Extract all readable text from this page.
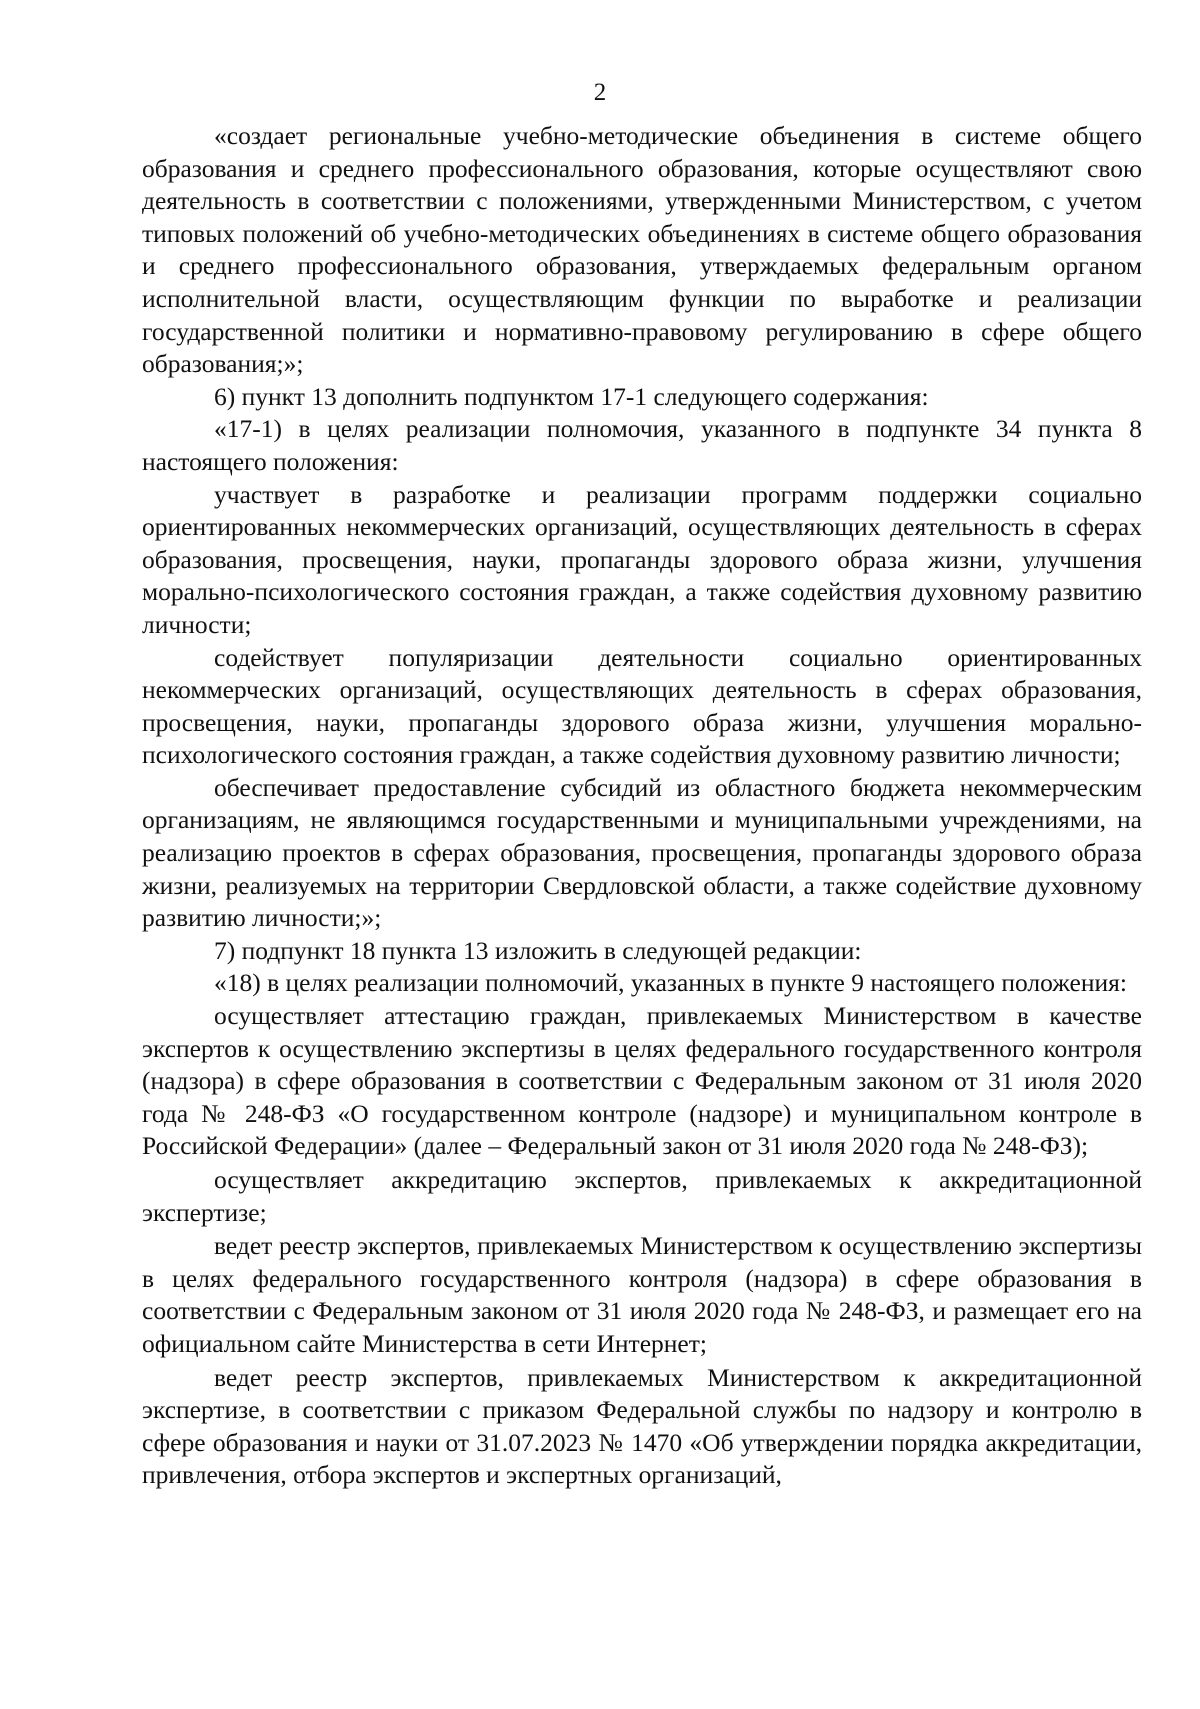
2

«создает региональные учебно-методические объединения в системе общего образования и среднего профессионального образования, которые осуществляют свою деятельность в соответствии с положениями, утвержденными Министерством, с учетом типовых положений об учебно-методических объединениях в системе общего образования и среднего профессионального образования, утверждаемых федеральным органом исполнительной власти, осуществляющим функции по выработке и реализации государственной политики и нормативно-правовому регулированию в сфере общего образования;»;

6) пункт 13 дополнить подпунктом 17-1 следующего содержания:

«17-1) в целях реализации полномочия, указанного в подпункте 34 пункта 8 настоящего положения:

участвует в разработке и реализации программ поддержки социально ориентированных некоммерческих организаций, осуществляющих деятельность в сферах образования, просвещения, науки, пропаганды здорового образа жизни, улучшения морально-психологического состояния граждан, а также содействия духовному развитию личности;

содействует популяризации деятельности социально ориентированных некоммерческих организаций, осуществляющих деятельность в сферах образования, просвещения, науки, пропаганды здорового образа жизни, улучшения морально-психологического состояния граждан, а также содействия духовному развитию личности;

обеспечивает предоставление субсидий из областного бюджета некоммерческим организациям, не являющимся государственными и муниципальными учреждениями, на реализацию проектов в сферах образования, просвещения, пропаганды здорового образа жизни, реализуемых на территории Свердловской области, а также содействие духовному развитию личности;»;

7) подпункт 18 пункта 13 изложить в следующей редакции:

«18) в целях реализации полномочий, указанных в пункте 9 настоящего положения:

осуществляет аттестацию граждан, привлекаемых Министерством в качестве экспертов к осуществлению экспертизы в целях федерального государственного контроля (надзора) в сфере образования в соответствии с Федеральным законом от 31 июля 2020 года № 248-ФЗ «О государственном контроле (надзоре) и муниципальном контроле в Российской Федерации» (далее – Федеральный закон от 31 июля 2020 года № 248-ФЗ);

осуществляет аккредитацию экспертов, привлекаемых к аккредитационной экспертизе;

ведет реестр экспертов, привлекаемых Министерством к осуществлению экспертизы в целях федерального государственного контроля (надзора) в сфере образования в соответствии с Федеральным законом от 31 июля 2020 года № 248-ФЗ, и размещает его на официальном сайте Министерства в сети Интернет;

ведет реестр экспертов, привлекаемых Министерством к аккредитационной экспертизе, в соответствии с приказом Федеральной службы по надзору и контролю в сфере образования и науки от 31.07.2023 № 1470 «Об утверждении порядка аккредитации, привлечения, отбора экспертов и экспертных организаций,
